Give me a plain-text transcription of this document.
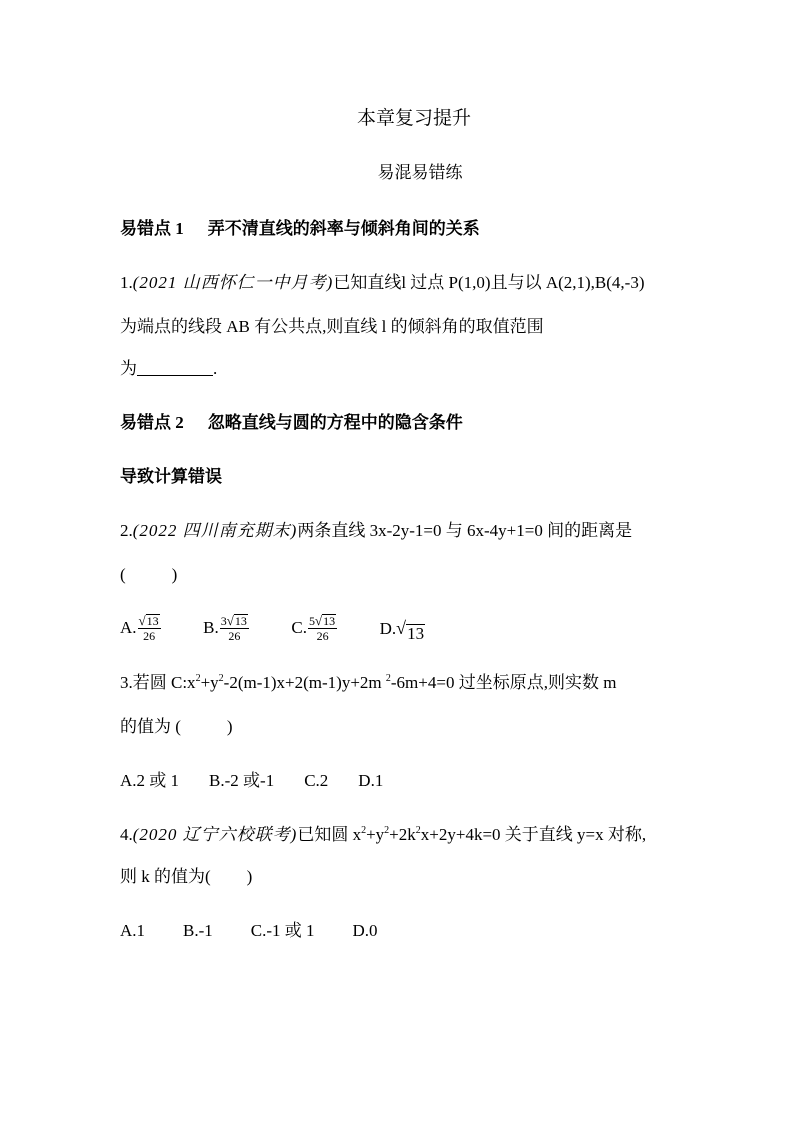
本章复习提升
易混易错练
易错点 1 弄不清直线的斜率与倾斜角间的关系
1.(2021 山西怀仁一中月考)已知直线l 过点 P(1,0)且与以 A(2,1),B(4,-3)
为端点的线段 AB 有公共点,则直线 l 的倾斜角的取值范围
为	.
易错点 2 忽略直线与圆的方程中的隐含条件
导致计算错误
2.(2022 四川南充期末)两条直线 3x-2y-1=0 与 6x-4y+1=0 间的距离是
(	)
A. $\frac{√ 13}{26}$	B. $\frac{3 √ 13}{26}$	C. $\frac{5 √ 13}{26}$	D. √ 13
3.若圆 $C:x^2+y^2-2(m-1)x+2(m-1)y+2m$ $^2$-6m+4=0 过坐标原点,则实数 m
的值为 (	)
A.2 或 1 B.-2 或-1 C.2 D.1
4.(2020 辽宁六校联考)已知圆 $x^2+y^2+2k^2x+2y+4k=0$ 关于直线 y=x 对称,
则 k 的值为( )
A.1 B.-1 C.-1 或 1 D.0
